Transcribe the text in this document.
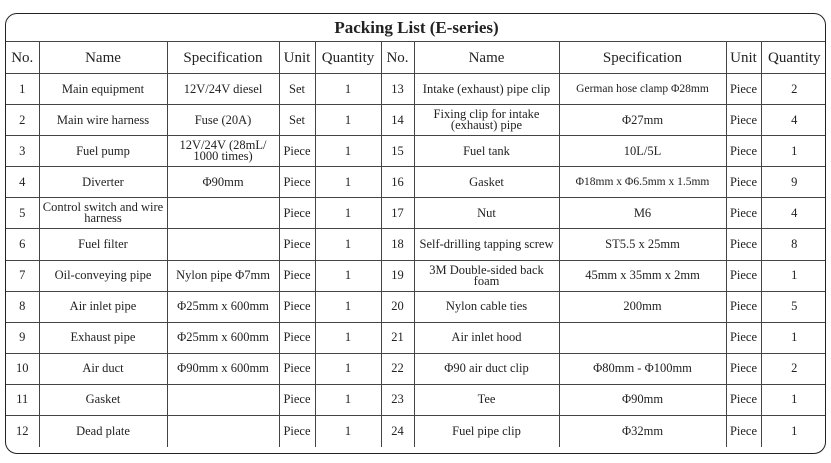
Packing List (E-series)									
No.	Name	Specification	Unit	Quantity	No.	Name	Specification	Unit	Quantity
1	Main equipment	12V/24V diesel	Set	1	13	Intake (exhaust) pipe clip	German hose clamp Φ28mm	Piece	2
2	Main wire harness	Fuse (20A)	Set	1	14	Fixing clip for intake (exhaust) pipe	Φ27mm	Piece	4
3	Fuel pump	12V/24V (28mL/ 1000 times)	Piece	1	15	Fuel tank	10L/5L	Piece	1
4	Diverter	Φ90mm	Piece	1	16	Gasket	Φ18mm x Φ6.5mm x 1.5mm	Piece	9
5	Control switch and wire harness		Piece	1	17	Nut	M6	Piece	4
6	Fuel filter		Piece	1	18	Self-drilling tapping screw	ST5.5 x 25mm	Piece	8
7	Oil-conveying pipe	Nylon pipe Φ7mm	Piece	1	19	3M Double-sided back foam	45mm x 35mm x 2mm	Piece	1
8	Air inlet pipe	Φ25mm x 600mm	Piece	1	20	Nylon cable ties	200mm	Piece	5
9	Exhaust pipe	Φ25mm x 600mm	Piece	1	21	Air inlet hood		Piece	1
10	Air duct	Φ90mm x 600mm	Piece	1	22	Φ90 air duct clip	Φ80mm - Φ100mm	Piece	2
11	Gasket		Piece	1	23	Tee	Φ90mm	Piece	1
12	Dead plate		Piece	1	24	Fuel pipe clip	Φ32mm	Piece	1
